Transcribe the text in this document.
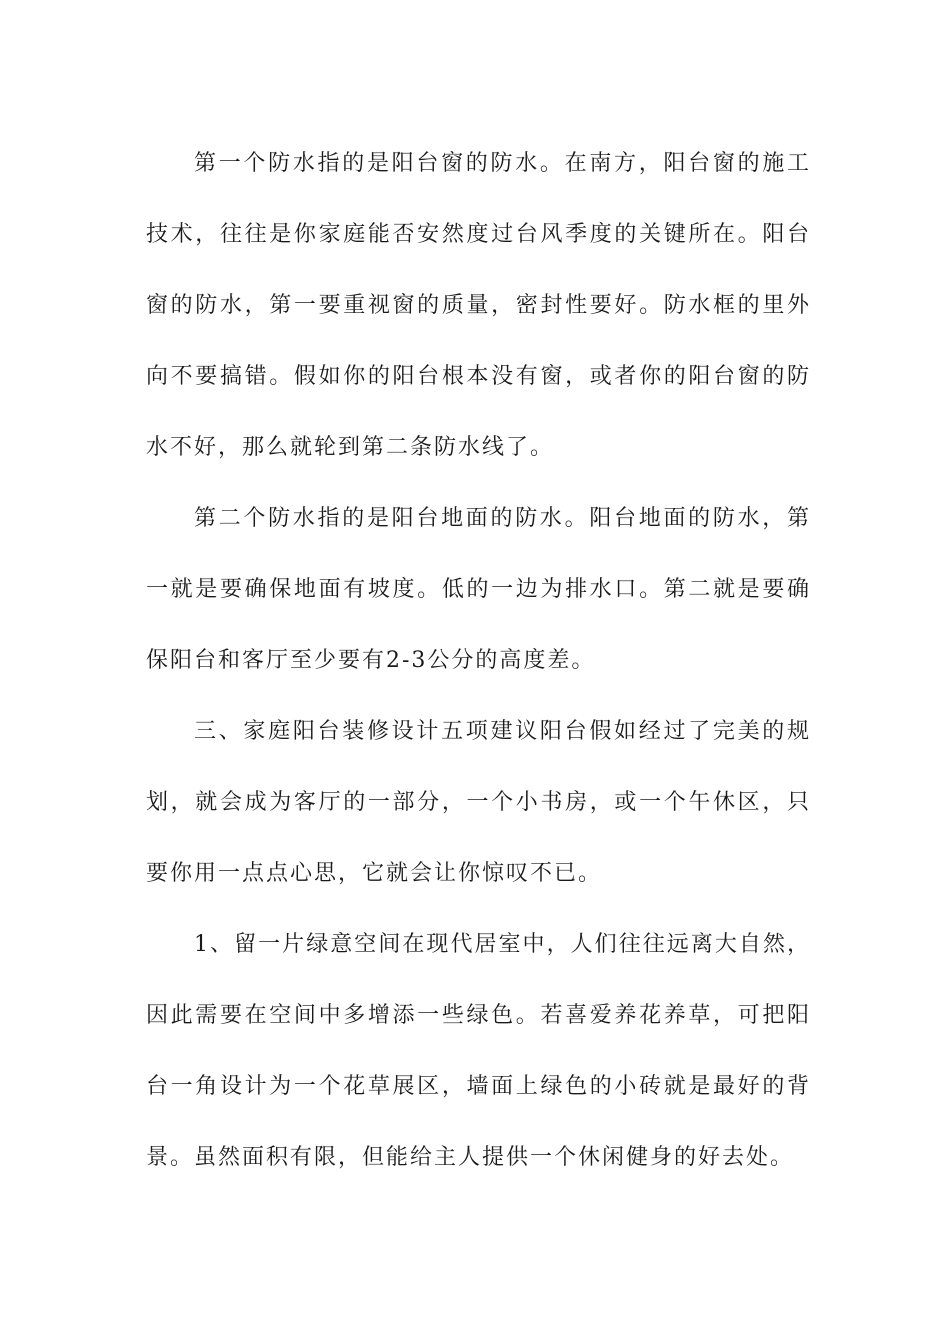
第一个防水指的是阳台窗的防水。在南方，阳台窗的施工技术，往往是你家庭能否安然度过台风季度的关键所在。阳台窗的防水，第一要重视窗的质量，密封性要好。防水框的里外向不要搞错。假如你的阳台根本没有窗，或者你的阳台窗的防水不好，那么就轮到第二条防水线了。

第二个防水指的是阳台地面的防水。阳台地面的防水，第一就是要确保地面有坡度。低的一边为排水口。第二就是要确保阳台和客厅至少要有2-3公分的高度差。

三、家庭阳台装修设计五项建议阳台假如经过了完美的规划，就会成为客厅的一部分，一个小书房，或一个午休区，只要你用一点点心思，它就会让你惊叹不已。

1、留一片绿意空间在现代居室中，人们往往远离大自然，因此需要在空间中多增添一些绿色。若喜爱养花养草，可把阳台一角设计为一个花草展区，墙面上绿色的小砖就是最好的背景。虽然面积有限，但能给主人提供一个休闲健身的好去处。
